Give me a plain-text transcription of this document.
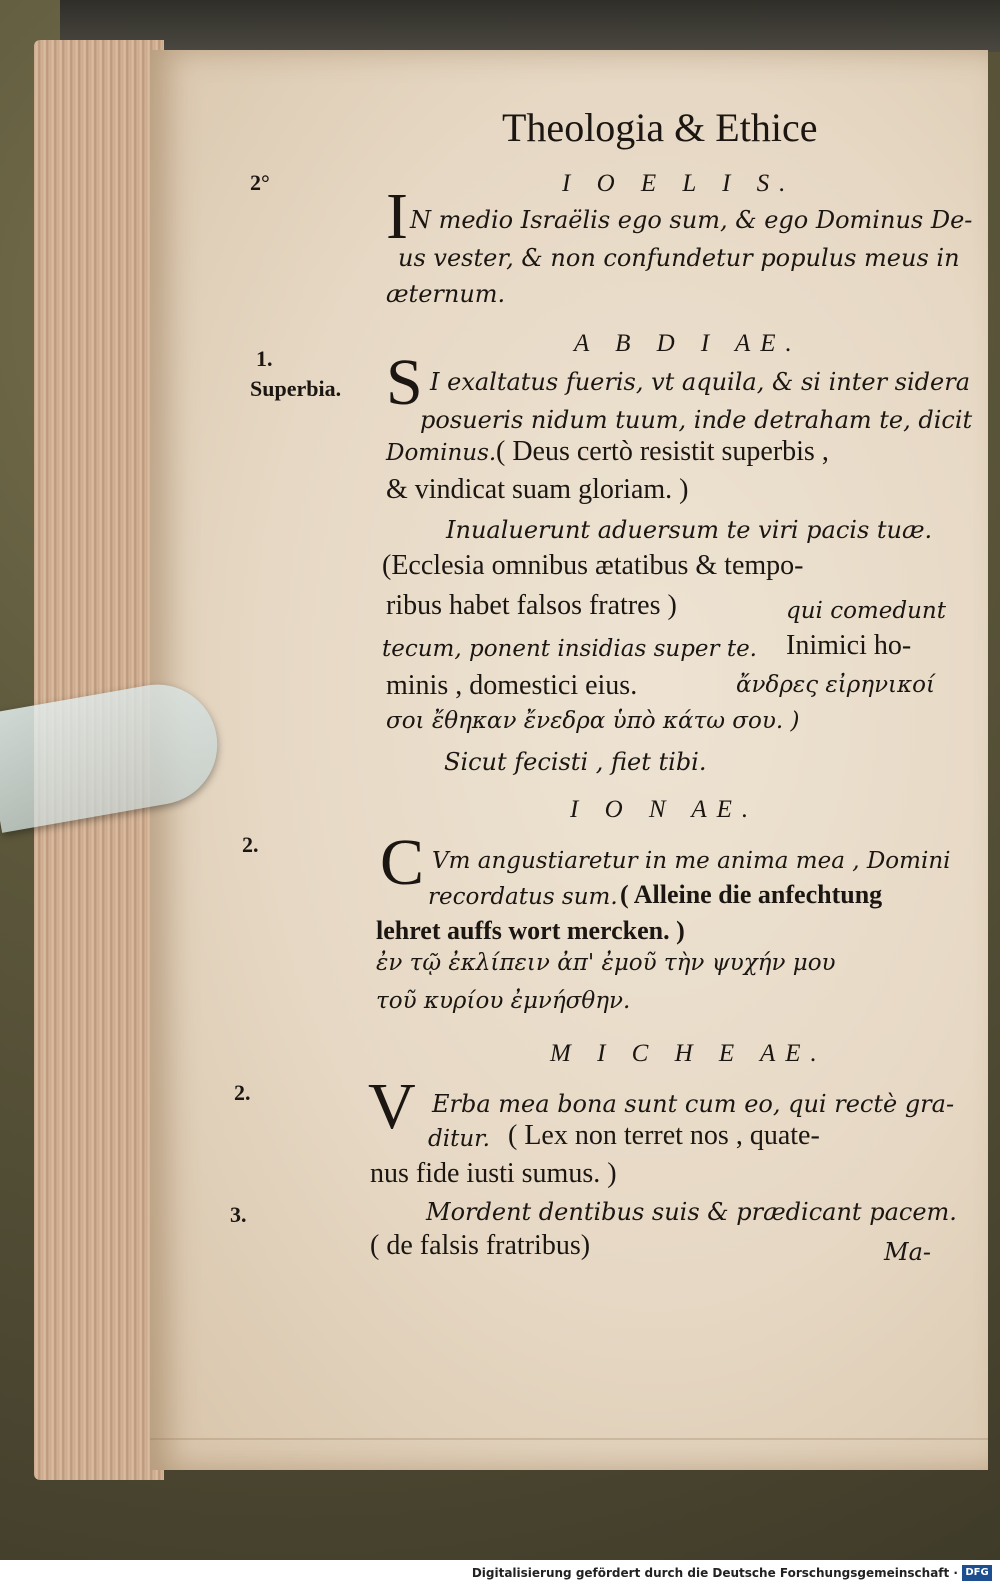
Theologia & Ethice
2°	I O E L I S.
I N medio Israëlis ego sum, & ego Dominus De-
us vester, & non confundetur populus meus in
æternum.
A B D I AE.
1.
Superbia. S I exaltatus fueris, vt aquila, & si inter sidera
posueris nidum tuum, inde detraham te, dicit
Dominus. ( Deus certò resistit superbis ,
& vindicat suam gloriam. )
Inualuerunt aduersum te viri pacis tuæ.
(Ecclesia omnibus ætatibus & tempo-
ribus habet falsos fratres )	qui comedunt
tecum, ponent insidias super te. Inimici ho-
minis , domestici eius.	ἄνδρες εἰρηνικοί
σοι ἔθηκαν ἔνεδρα ὑπὸ κάτω σου. )
Sicut fecisti , fiet tibi.
I O N AE.
2. C Vm angustiaretur in me anima mea , Domini
recordatus sum. ( Alleine die anfechtung
lehret auffs wort mercken. )
ἐν τῷ ἐκλίπειν ἀπ' ἐμοῦ τὴν ψυχήν μου
τοῦ κυρίου ἐμνήσθην.
M I C H E AE.
2. V Erba mea bona sunt cum eo, qui rectè gra-
ditur. ( Lex non terret nos , quate-
nus fide iusti sumus. )
3.	Mordent dentibus suis & prædicant pacem.
( de falsis fratribus)	Ma-
Digitalisierung gefördert durch die Deutsche Forschungsgemeinschaft · DFG
